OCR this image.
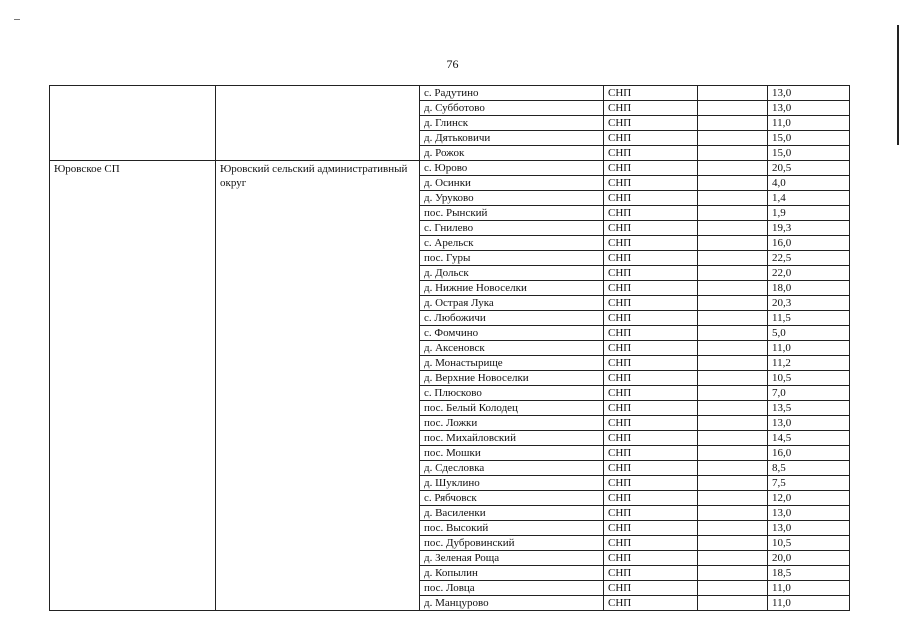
76
		с. Радутино	СНП		13,0
		д. Субботово	СНП		13,0
		д. Глинск	СНП		11,0
		д. Дятьковичи	СНП		15,0
		д. Рожок	СНП		15,0
Юровское СП	Юровский сельский административный округ	с. Юрово	СНП		20,5
		д. Осинки	СНП		4,0
		д. Уруково	СНП		1,4
		пос. Рынский	СНП		1,9
		с. Гнилево	СНП		19,3
		с. Арельск	СНП		16,0
		пос. Гуры	СНП		22,5
		д. Дольск	СНП		22,0
		д. Нижние Новоселки	СНП		18,0
		д. Острая Лука	СНП		20,3
		с. Любожичи	СНП		11,5
		с. Фомчино	СНП		5,0
		д. Аксеновск	СНП		11,0
		д. Монастырище	СНП		11,2
		д. Верхние Новоселки	СНП		10,5
		с. Плюсково	СНП		7,0
		пос. Белый Колодец	СНП		13,5
		пос. Ложки	СНП		13,0
		пос. Михайловский	СНП		14,5
		пос. Мошки	СНП		16,0
		д. Сдесловка	СНП		8,5
		д. Шуклино	СНП		7,5
		с. Рябчовск	СНП		12,0
		д. Василенки	СНП		13,0
		пос. Высокий	СНП		13,0
		пос. Дубровинский	СНП		10,5
		д. Зеленая Роща	СНП		20,0
		д. Копылин	СНП		18,5
		пос. Ловца	СНП		11,0
		д. Манцурово	СНП		11,0
